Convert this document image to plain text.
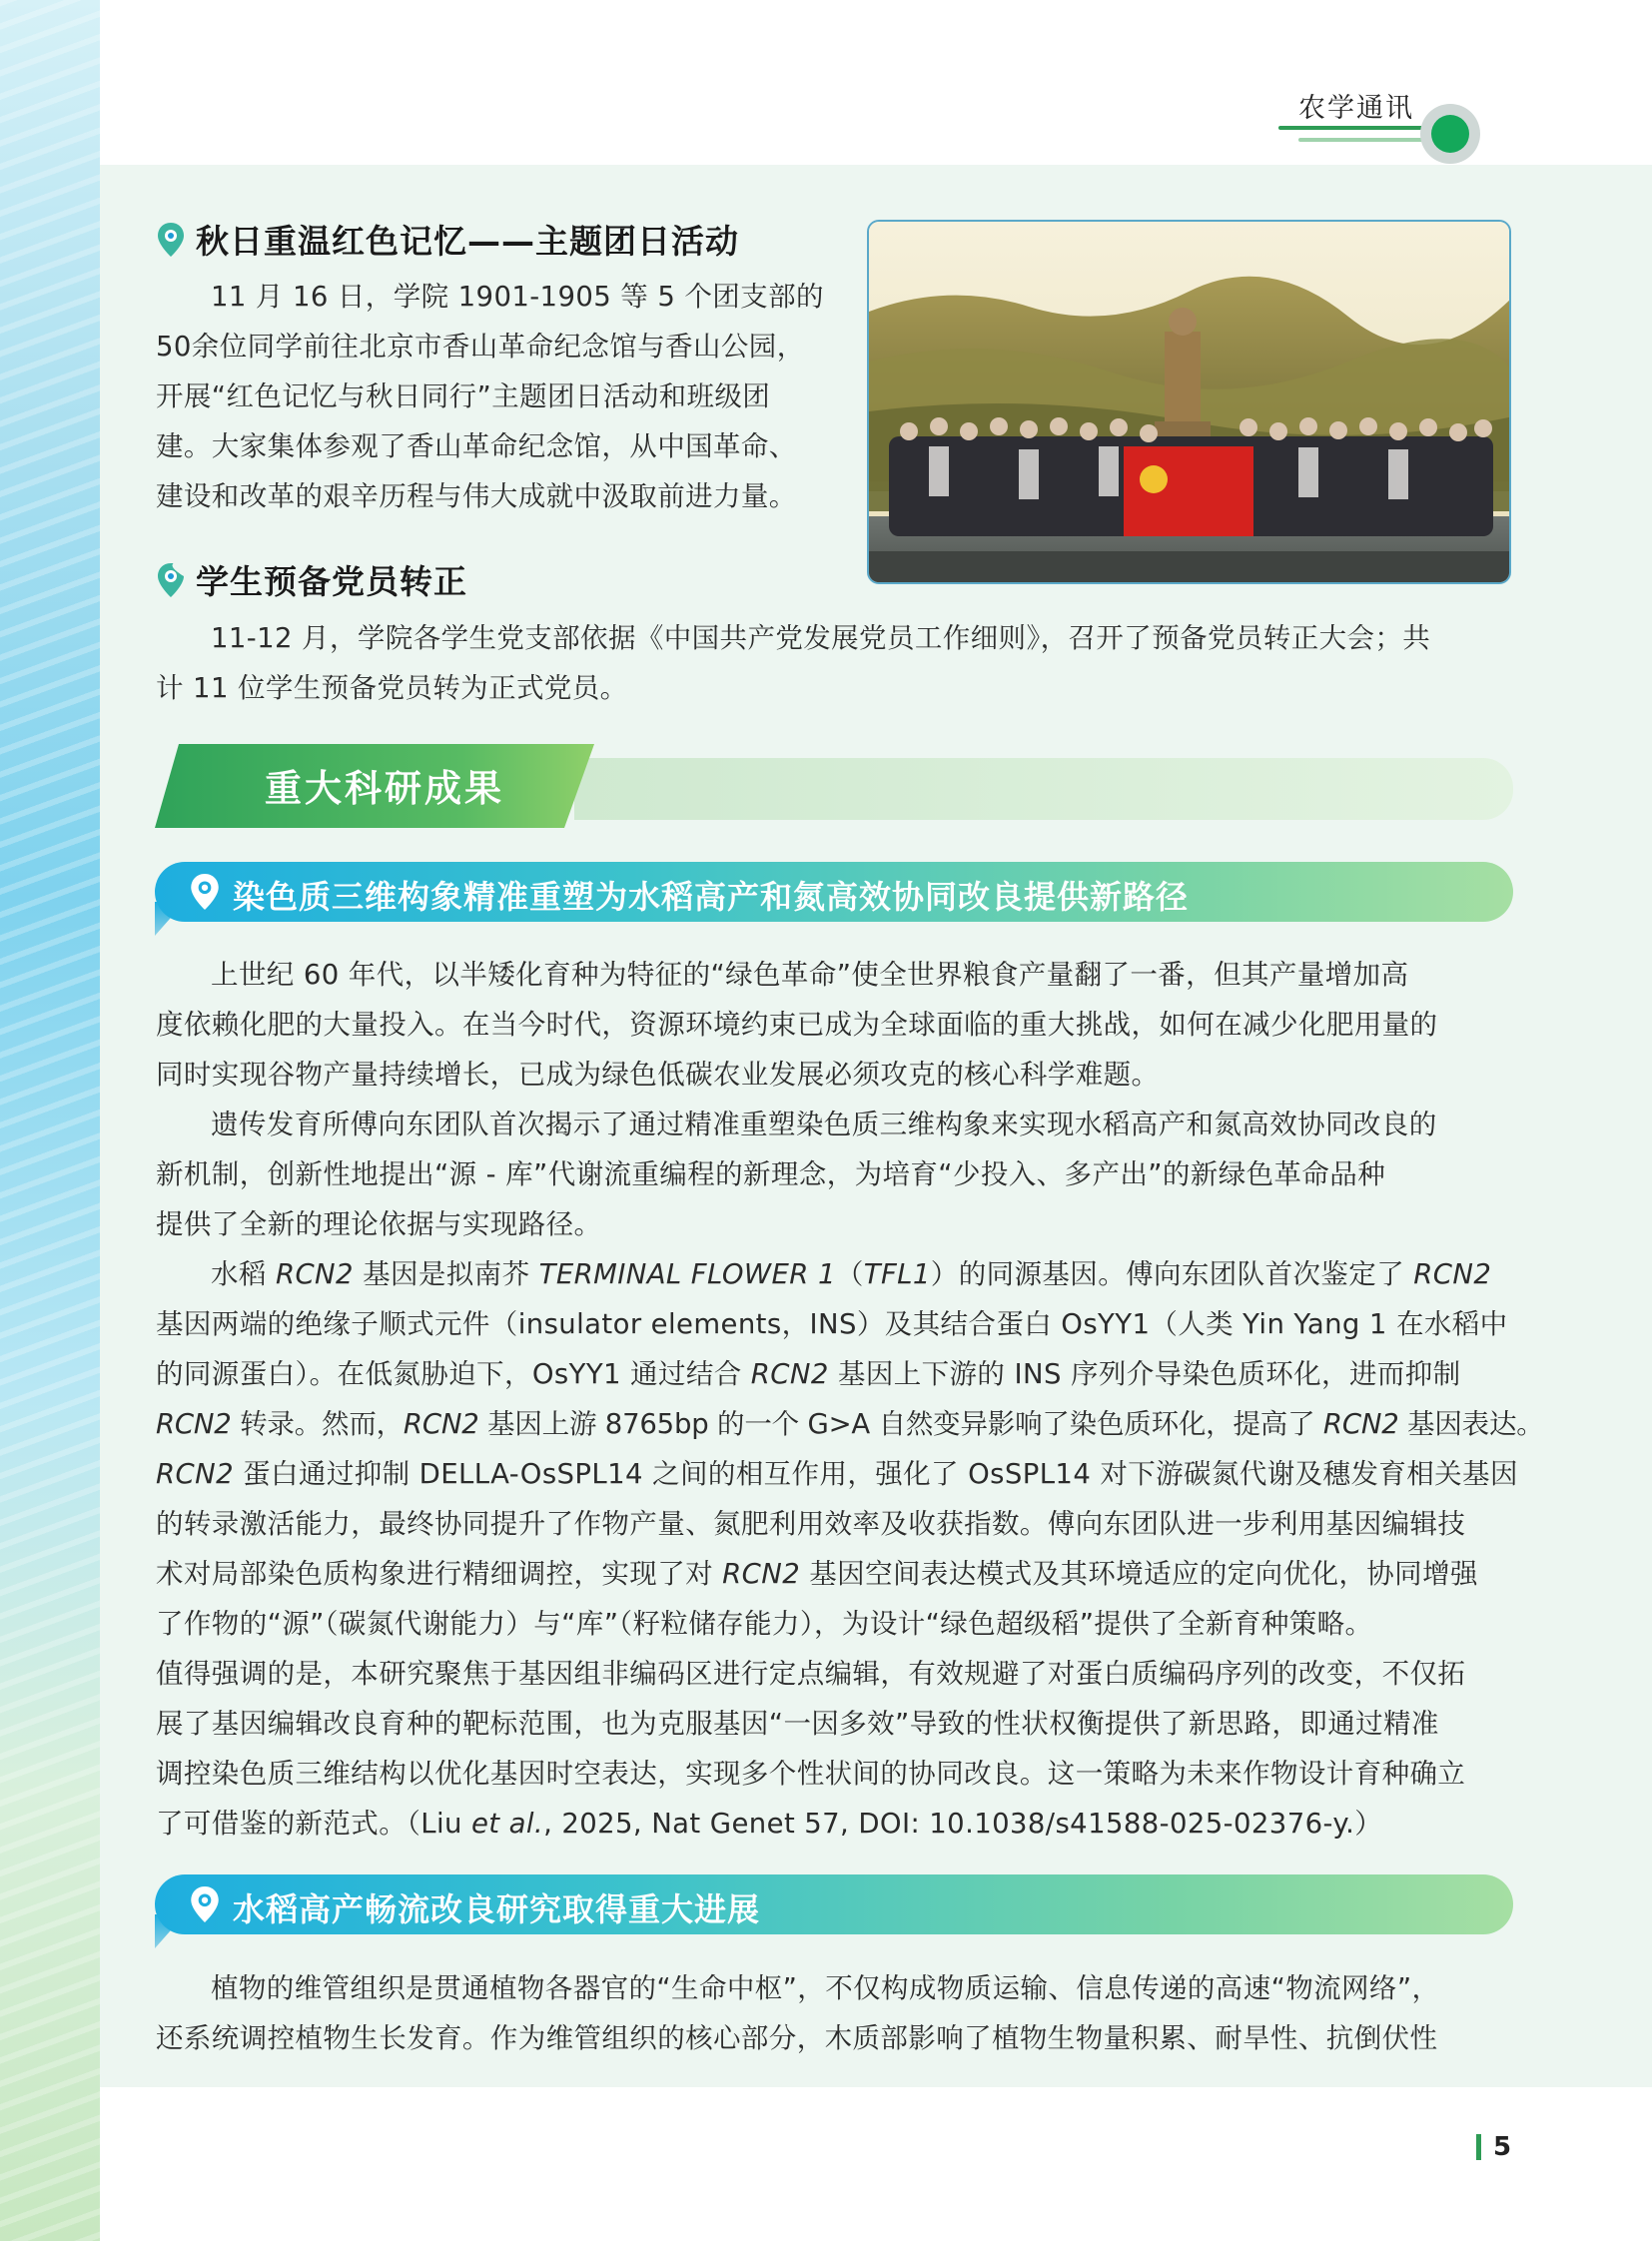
农学通讯
秋日重温红色记忆——主题团日活动
11 月 16 日，学院 1901-1905 等 5 个团支部的
50余位同学前往北京市香山革命纪念馆与香山公园，
开展“红色记忆与秋日同行”主题团日活动和班级团
建。大家集体参观了香山革命纪念馆，从中国革命、
建设和改革的艰辛历程与伟大成就中汲取前进力量。
学生预备党员转正
11-12 月，学院各学生党支部依据《中国共产党发展党员工作细则》，召开了预备党员转正大会；共
计 11 位学生预备党员转为正式党员。
重大科研成果
染色质三维构象精准重塑为水稻高产和氮高效协同改良提供新路径
上世纪 60 年代，以半矮化育种为特征的“绿色革命”使全世界粮食产量翻了一番，但其产量增加高
度依赖化肥的大量投入。在当今时代，资源环境约束已成为全球面临的重大挑战，如何在减少化肥用量的
同时实现谷物产量持续增长，已成为绿色低碳农业发展必须攻克的核心科学难题。
遗传发育所傅向东团队首次揭示了通过精准重塑染色质三维构象来实现水稻高产和氮高效协同改良的
新机制，创新性地提出“源 - 库”代谢流重编程的新理念，为培育“少投入、多产出”的新绿色革命品种
提供了全新的理论依据与实现路径。
水稻 RCN2 基因是拟南芥 TERMINAL FLOWER 1（TFL1）的同源基因。傅向东团队首次鉴定了 RCN2
基因两端的绝缘子顺式元件（insulator elements，INS）及其结合蛋白 OsYY1（人类 Yin Yang 1 在水稻中
的同源蛋白）。在低氮胁迫下，OsYY1 通过结合 RCN2 基因上下游的 INS 序列介导染色质环化，进而抑制
RCN2 转录。然而，RCN2 基因上游 8765bp 的一个 G>A 自然变异影响了染色质环化，提高了 RCN2 基因表达。
RCN2 蛋白通过抑制 DELLA-OsSPL14 之间的相互作用，强化了 OsSPL14 对下游碳氮代谢及穗发育相关基因
的转录激活能力，最终协同提升了作物产量、氮肥利用效率及收获指数。傅向东团队进一步利用基因编辑技
术对局部染色质构象进行精细调控，实现了对 RCN2 基因空间表达模式及其环境适应的定向优化，协同增强
了作物的“源”（碳氮代谢能力）与“库”（籽粒储存能力），为设计“绿色超级稻”提供了全新育种策略。
值得强调的是，本研究聚焦于基因组非编码区进行定点编辑，有效规避了对蛋白质编码序列的改变，不仅拓
展了基因编辑改良育种的靶标范围，也为克服基因“一因多效”导致的性状权衡提供了新思路，即通过精准
调控染色质三维结构以优化基因时空表达，实现多个性状间的协同改良。这一策略为未来作物设计育种确立
了可借鉴的新范式。（Liu et al., 2025, Nat Genet 57, DOI: 10.1038/s41588-025-02376-y.）
水稻高产畅流改良研究取得重大进展
植物的维管组织是贯通植物各器官的“生命中枢”，不仅构成物质运输、信息传递的高速“物流网络”，
还系统调控植物生长发育。作为维管组织的核心部分，木质部影响了植物生物量积累、耐旱性、抗倒伏性
5
